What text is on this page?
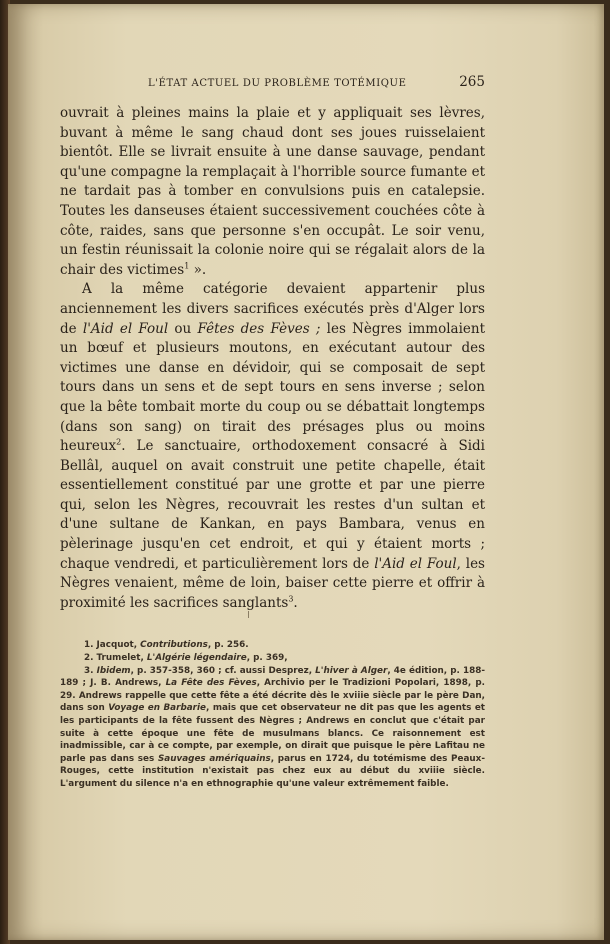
L'ÉTAT ACTUEL DU PROBLÈME TOTÉMIQUE	265

ouvrait à pleines mains la plaie et y appliquait ses lèvres, buvant à même le sang chaud dont ses joues ruisselaient bientôt. Elle se livrait ensuite à une danse sauvage, pendant qu'une compagne la remplaçait à l'horrible source fumante et ne tardait pas à tomber en convulsions puis en catalepsie. Toutes les danseuses étaient successivement couchées côte à côte, raides, sans que personne s'en occupât. Le soir venu, un festin réunissait la colonie noire qui se régalait alors de la chair des victimes$^1$ ».

A la même catégorie devaient appartenir plus anciennement les divers sacrifices exécutés près d'Alger lors de l'Aid el Foul ou Fêtes des Fèves ; les Nègres immolaient un bœuf et plusieurs moutons, en exécutant autour des victimes une danse en dévidoir, qui se composait de sept tours dans un sens et de sept tours en sens inverse ; selon que la bête tombait morte du coup ou se débattait longtemps (dans son sang) on tirait des présages plus ou moins heureux$^2$. Le sanctuaire, orthodoxement consacré à Sidi Bellâl, auquel on avait construit une petite chapelle, était essentiellement constitué par une grotte et par une pierre qui, selon les Nègres, recouvrait les restes d'un sultan et d'une sultane de Kankan, en pays Bambara, venus en pèlerinage jusqu'en cet endroit, et qui y étaient morts ; chaque vendredi, et particulièrement lors de l'Aid el Foul, les Nègres venaient, même de loin, baiser cette pierre et offrir à proximité les sacrifices sanglants$^3$.

1. Jacquot, Contributions, p. 256.

2. Trumelet, L'Algérie légendaire, p. 369,

3. Ibidem, p. 357-358, 360 ; cf. aussi Desprez, L'hiver à Alger, 4e édition, p. 188-189 ; J. B. Andrews, La Fête des Fèves, Archivio per le Tradizioni Popolari, 1898, p. 29. Andrews rappelle que cette fête a été décrite dès le xviiie siècle par le père Dan, dans son Voyage en Barbarie, mais que cet observateur ne dit pas que les agents et les participants de la fête fussent des Nègres ; Andrews en conclut que c'était par suite à cette époque une fête de musulmans blancs. Ce raisonnement est inadmissible, car à ce compte, par exemple, on dirait que puisque le père Lafitau ne parle pas dans ses Sauvages amériquains, parus en 1724, du totémisme des Peaux-Rouges, cette institution n'existait pas chez eux au début du xviiie siècle. L'argument du silence n'a en ethnographie qu'une valeur extrêmement faible.
